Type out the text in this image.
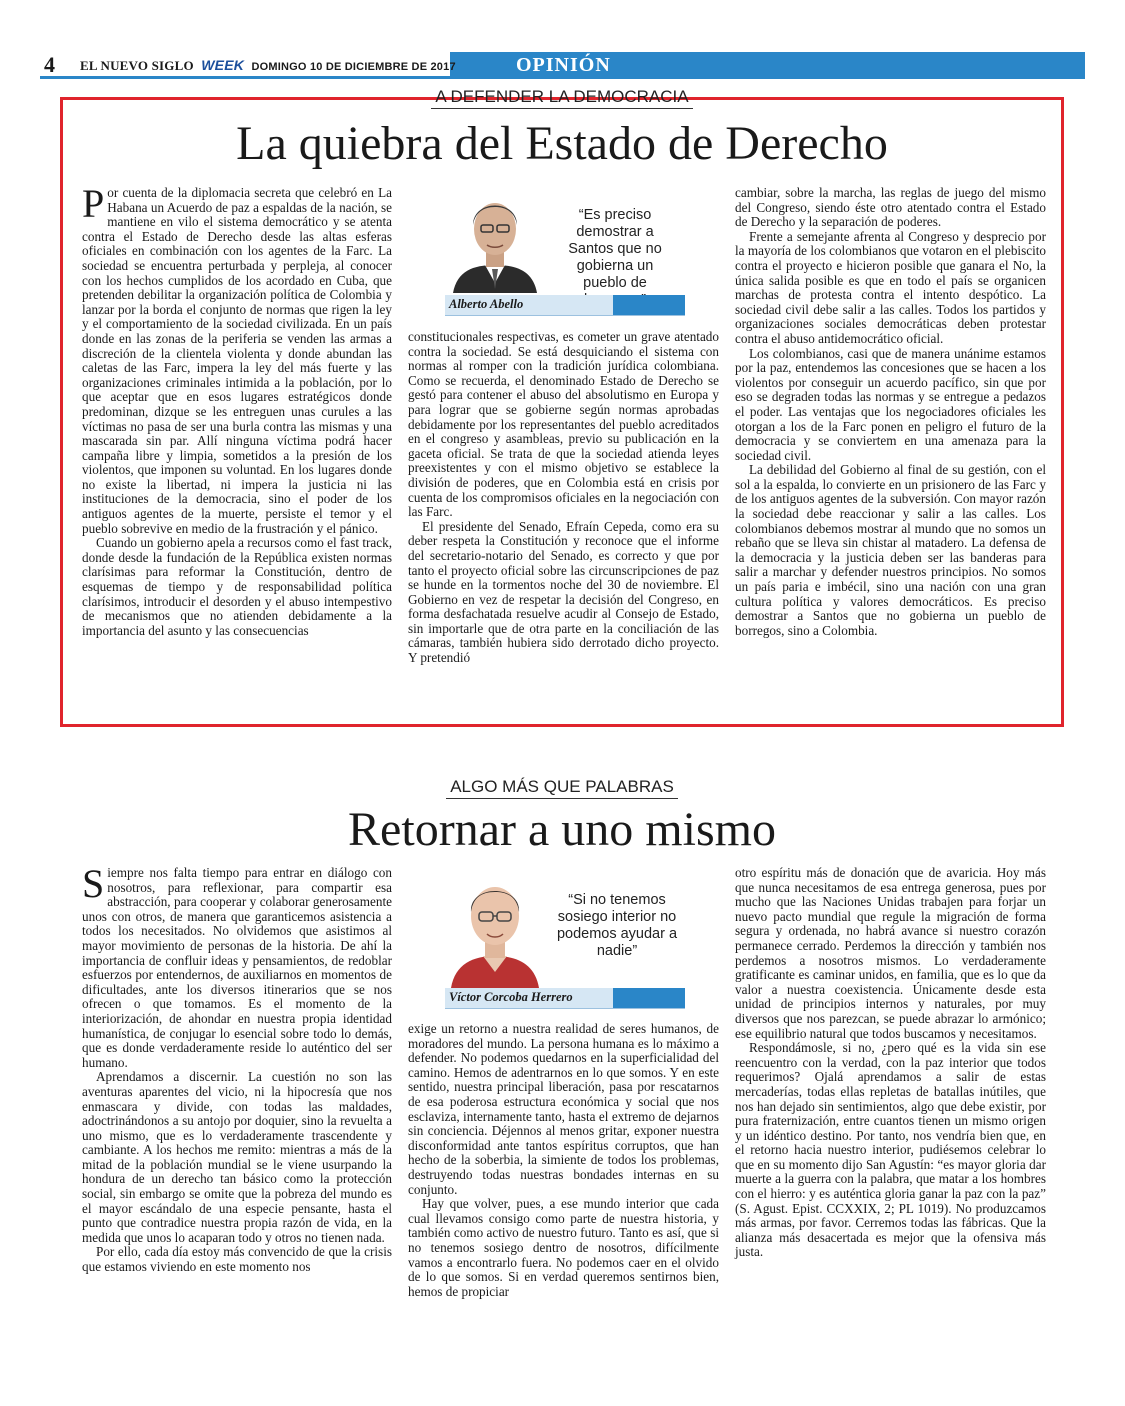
4 EL NUEVO SIGLO WEEK DOMINGO 10 DE DICIEMBRE DE 2017	OPINIÓN
A DEFENDER LA DEMOCRACIA
La quiebra del Estado de Derecho

Por cuenta de la diplomacia secreta que celebró en La Habana un Acuerdo de paz a espaldas de la nación, se mantiene en vilo el sistema democrático y se atenta contra el Estado de Derecho desde las altas esferas oficiales en combinación con los agentes de la Farc. La sociedad se encuentra perturbada y perpleja, al conocer con los hechos cumplidos de los acordado en Cuba, que pretenden debilitar la organización política de Colombia y lanzar por la borda el conjunto de normas que rigen la ley y el comportamiento de la sociedad civilizada. En un país donde en las zonas de la periferia se venden las armas a discreción de la clientela violenta y donde abundan las caletas de las Farc, impera la ley del más fuerte y las organizaciones criminales intimida a la población, por lo que aceptar que en esos lugares estratégicos donde predominan, dizque se les entreguen unas curules a las víctimas no pasa de ser una burla contra las mismas y una mascarada sin par. Allí ninguna víctima podrá hacer campaña libre y limpia, sometidos a la presión de los violentos, que imponen su voluntad. En los lugares donde no existe la libertad, ni impera la justicia ni las instituciones de la democracia, sino el poder de los antiguos agentes de la muerte, persiste el temor y el pueblo sobrevive en medio de la frustración y el pánico.

Cuando un gobierno apela a recursos como el fast track, donde desde la fundación de la República existen normas clarísimas para reformar la Constitución, dentro de esquemas de tiempo y de responsabilidad política clarísimos, introducir el desorden y el abuso intempestivo de mecanismos que no atienden debidamente a la importancia del asunto y las consecuencias

“Es preciso demostrar a Santos que no gobierna un pueblo de
Alberto Abello

constitucionales respectivas, es cometer un grave atentado contra la sociedad. Se está desquiciando el sistema con normas al romper con la tradición jurídica colombiana. Como se recuerda, el denominado Estado de Derecho se gestó para contener el abuso del absolutismo en Europa y para lograr que se gobierne según normas aprobadas debidamente por los representantes del pueblo acreditados en el congreso y asambleas, previo su publicación en la gaceta oficial. Se trata de que la sociedad atienda leyes preexistentes y con el mismo objetivo se establece la división de poderes, que en Colombia está en crisis por cuenta de los compromisos oficiales en la negociación con las Farc.

El presidente del Senado, Efraín Cepeda, como era su deber respeta la Constitución y reconoce que el informe del secretario-notario del Senado, es correcto y que por tanto el proyecto oficial sobre las circunscripciones de paz se hunde en la tormentos noche del 30 de noviembre. El Gobierno en vez de respetar la decisión del Congreso, en forma desfachatada resuelve acudir al Consejo de Estado, sin importarle que de otra parte en la conciliación de las cámaras, también hubiera sido derrotado dicho proyecto. Y pretendió

cambiar, sobre la marcha, las reglas de juego del mismo del Congreso, siendo éste otro atentado contra el Estado de Derecho y la separación de poderes.

Frente a semejante afrenta al Congreso y desprecio por la mayoría de los colombianos que votaron en el plebiscito contra el proyecto e hicieron posible que ganara el No, la única salida posible es que en todo el país se organicen marchas de protesta contra el intento despótico. La sociedad civil debe salir a las calles. Todos los partidos y organizaciones sociales democráticas deben protestar contra el abuso antidemocrático oficial.

Los colombianos, casi que de manera unánime estamos por la paz, entendemos las concesiones que se hacen a los violentos por conseguir un acuerdo pacífico, sin que por eso se degraden todas las normas y se entregue a pedazos el poder. Las ventajas que los negociadores oficiales les otorgan a los de la Farc ponen en peligro el futuro de la democracia y se conviertem en una amenaza para la sociedad civil.

La debilidad del Gobierno al final de su gestión, con el sol a la espalda, lo convierte en un prisionero de las Farc y de los antiguos agentes de la subversión. Con mayor razón la sociedad debe reaccionar y salir a las calles. Los colombianos debemos mostrar al mundo que no somos un rebaño que se lleva sin chistar al matadero. La defensa de la democracia y la justicia deben ser las banderas para salir a marchar y defender nuestros principios. No somos un país paria e imbécil, sino una nación con una gran cultura política y valores democráticos. Es preciso demostrar a Santos que no gobierna un pueblo de borregos, sino a Colombia.

ALGO MÁS QUE PALABRAS
Retornar a uno mismo

Siempre nos falta tiempo para entrar en diálogo con nosotros, para reflexionar, para compartir esa abstracción, para cooperar y colaborar generosamente unos con otros, de manera que garanticemos asistencia a todos los necesitados. No olvidemos que asistimos al mayor movimiento de personas de la historia. De ahí la importancia de confluir ideas y pensamientos, de redoblar esfuerzos por entendernos, de auxiliarnos en momentos de dificultades, ante los diversos itinerarios que se nos ofrecen o que tomamos. Es el momento de la interiorización, de ahondar en nuestra propia identidad humanística, de conjugar lo esencial sobre todo lo demás, que es donde verdaderamente reside lo auténtico del ser humano.

Aprendamos a discernir. La cuestión no son las aventuras aparentes del vicio, ni la hipocresía que nos enmascara y divide, con todas las maldades, adoctrinándonos a su antojo por doquier, sino la revuelta a uno mismo, que es lo verdaderamente trascendente y cambiante. A los hechos me remito: mientras a más de la mitad de la población mundial se le viene usurpando la hondura de un derecho tan básico como la protección social, sin embargo se omite que la pobreza del mundo es el mayor escándalo de una especie pensante, hasta el punto que contradice nuestra propia razón de vida, en la medida que unos lo acaparan todo y otros no tienen nada.

Por ello, cada día estoy más convencido de que la crisis que estamos viviendo en este momento nos

“Si no tenemos sosiego interior no podemos ayudar a nadie”
Víctor Corcoba Herrero

exige un retorno a nuestra realidad de seres humanos, de moradores del mundo. La persona humana es lo máximo a defender. No podemos quedarnos en la superficialidad del camino. Hemos de adentrarnos en lo que somos. Y en este sentido, nuestra principal liberación, pasa por rescatarnos de esa poderosa estructura económica y social que nos esclaviza, internamente tanto, hasta el extremo de dejarnos sin conciencia. Déjennos al menos gritar, exponer nuestra disconformidad ante tantos espíritus corruptos, que han hecho de la soberbia, la simiente de todos los problemas, destruyendo todas nuestras bondades internas en su conjunto.

Hay que volver, pues, a ese mundo interior que cada cual llevamos consigo como parte de nuestra historia, y también como activo de nuestro futuro. Tanto es así, que si no tenemos sosiego dentro de nosotros, difícilmente vamos a encontrarlo fuera. No podemos caer en el olvido de lo que somos. Si en verdad queremos sentirnos bien, hemos de propiciar

otro espíritu más de donación que de avaricia. Hoy más que nunca necesitamos de esa entrega generosa, pues por mucho que las Naciones Unidas trabajen para forjar un nuevo pacto mundial que regule la migración de forma segura y ordenada, no habrá avance si nuestro corazón permanece cerrado. Perdemos la dirección y también nos perdemos a nosotros mismos. Lo verdaderamente gratificante es caminar unidos, en familia, que es lo que da valor a nuestra coexistencia. Únicamente desde esta unidad de principios internos y naturales, por muy diversos que nos parezcan, se puede abrazar lo armónico; ese equilibrio natural que todos buscamos y necesitamos.

Respondámosle, si no, ¿pero qué es la vida sin ese reencuentro con la verdad, con la paz interior que todos requerimos? Ojalá aprendamos a salir de estas mercaderías, todas ellas repletas de batallas inútiles, que nos han dejado sin sentimientos, algo que debe existir, por pura fraternización, entre cuantos tienen un mismo origen y un idéntico destino. Por tanto, nos vendría bien que, en el retorno hacia nuestro interior, pudiésemos celebrar lo que en su momento dijo San Agustín: “es mayor gloria dar muerte a la guerra con la palabra, que matar a los hombres con el hierro: y es auténtica gloria ganar la paz con la paz” (S. Agust. Epist. CCXXIX, 2; PL 1019). No produzcamos más armas, por favor. Cerremos todas las fábricas. Que la alianza más desacertada es mejor que la ofensiva más justa.
